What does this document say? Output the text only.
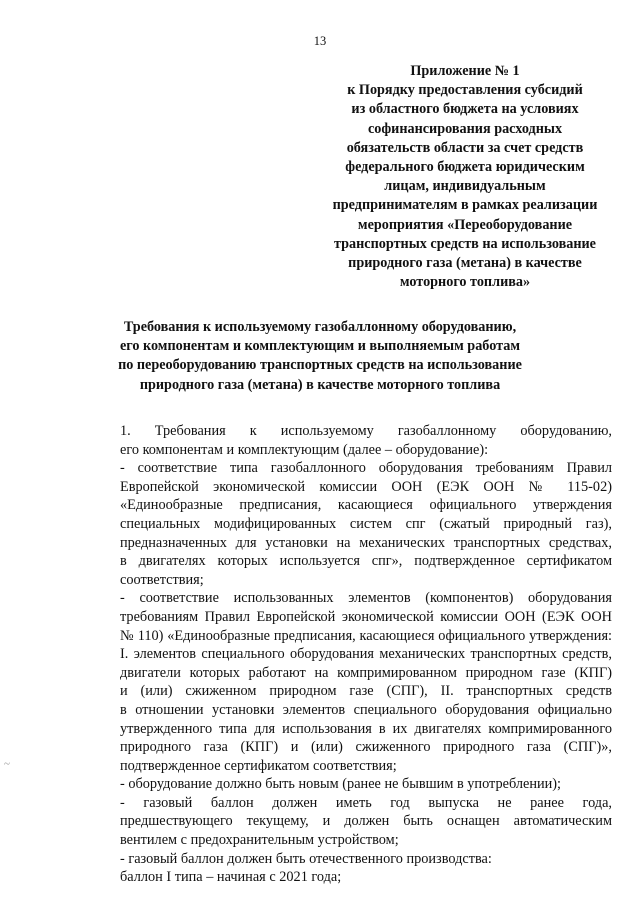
13
Приложение № 1
к Порядку предоставления субсидий
из областного бюджета на условиях
софинансирования расходных
обязательств области за счет средств
федерального бюджета юридическим
лицам, индивидуальным
предпринимателям в рамках реализации
мероприятия «Переоборудование
транспортных средств на использование
природного газа (метана) в качестве
моторного топлива»
Требования к используемому газобаллонному оборудованию,
его компонентам и комплектующим и выполняемым работам
по переоборудованию транспортных средств на использование
природного газа (метана) в качестве моторного топлива

1. Требования к используемому газобаллонному оборудованию,
его компонентам и комплектующим (далее – оборудование):

- соответствие типа газобаллонного оборудования требованиям Правил
Европейской экономической комиссии ООН (ЕЭК ООН № 115-02)
«Единообразные предписания, касающиеся официального утверждения
специальных модифицированных систем спг (сжатый природный газ),
предназначенных для установки на механических транспортных средствах,
в двигателях которых используется спг», подтвержденное сертификатом
соответствия;

- соответствие использованных элементов (компонентов) оборудования
требованиям Правил Европейской экономической комиссии ООН (ЕЭК ООН
№ 110) «Единообразные предписания, касающиеся официального утверждения:
I. элементов специального оборудования механических транспортных средств,
двигатели которых работают на компримированном природном газе (КПГ)
и (или) сжиженном природном газе (СПГ), II. транспортных средств
в отношении установки элементов специального оборудования официально
утвержденного типа для использования в их двигателях компримированного
природного газа (КПГ) и (или) сжиженного природного газа (СПГ)»,
подтвержденное сертификатом соответствия;

- оборудование должно быть новым (ранее не бывшим в употреблении);

- газовый баллон должен иметь год выпуска не ранее года,
предшествующего текущему, и должен быть оснащен автоматическим
вентилем с предохранительным устройством;

- газовый баллон должен быть отечественного производства:

баллон I типа – начиная с 2021 года;

~
